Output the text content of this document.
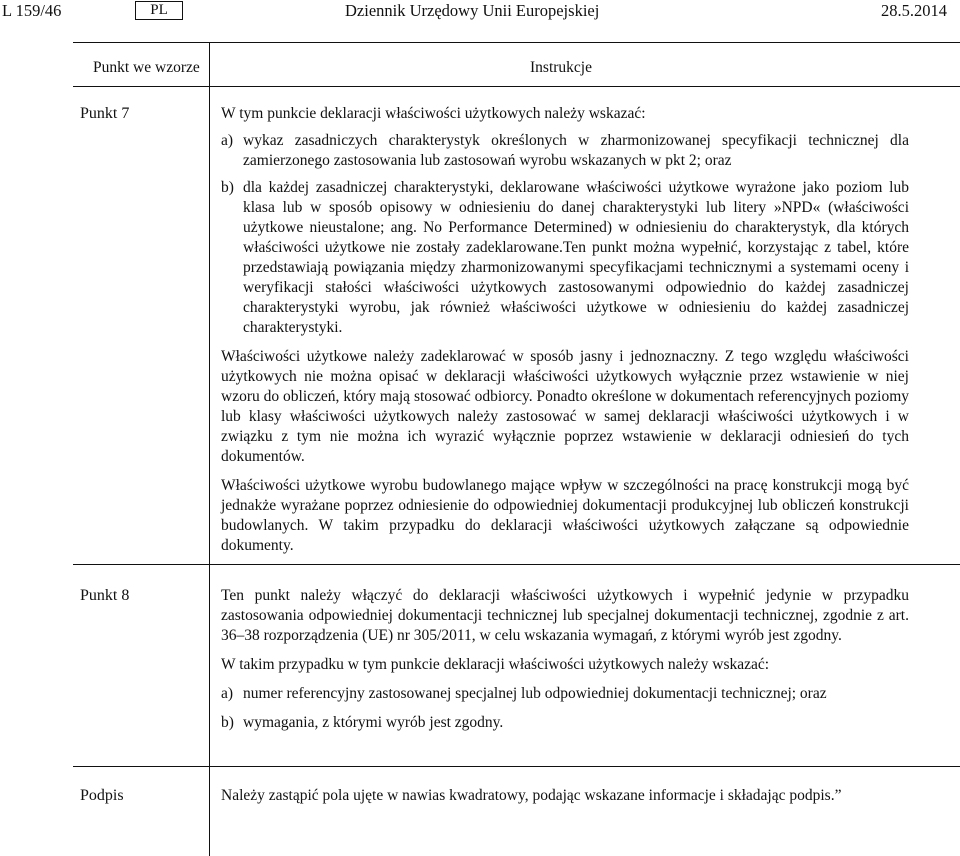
L 159/46	PL	Dziennik Urzędowy Unii Europejskiej	28.5.2014
Punkt we wzorze	Instrukcje
Punkt 7	W tym punkcie deklaracji właściwości użytkowych należy wskazać:

a) wykaz zasadniczych charakterystyk określonych w zharmonizowanej specyfikacji technicznej dla zamierzonego zastosowania lub zastosowań wyrobu wskazanych w pkt 2; oraz
b) dla każdej zasadniczej charakterystyki, deklarowane właściwości użytkowe wyrażone jako poziom lub klasa lub w sposób opisowy w odniesieniu do danej charakterystyki lub litery »NPD« (właściwości użytkowe nieustalone; ang. No Performance Determined) w odniesieniu do charakterystyk, dla których właściwości użytkowe nie zostały zadeklarowane.Ten punkt można wypełnić, korzystając z tabel, które przedstawiają powiązania między zharmonizowanymi specyfikacjami technicznymi a systemami oceny i weryfikacji stałości właściwości użytkowych zastosowanymi odpowiednio do każdej zasadniczej charakterystyki wyrobu, jak również właściwości użytkowe w odniesieniu do każdej zasadniczej charakterystyki.

Właściwości użytkowe należy zadeklarować w sposób jasny i jednoznaczny. Z tego względu właściwości użytkowych nie można opisać w deklaracji właściwości użytkowych wyłącznie przez wstawienie w niej wzoru do obliczeń, który mają stosować odbiorcy. Ponadto określone w dokumentach referencyjnych poziomy lub klasy właściwości użytkowych należy zastosować w samej deklaracji właściwości użytkowych i w związku z tym nie można ich wyrazić wyłącznie poprzez wstawienie w deklaracji odniesień do tych dokumentów.

Właściwości użytkowe wyrobu budowlanego mające wpływ w szczególności na pracę konstrukcji mogą być jednakże wyrażane poprzez odniesienie do odpowiedniej dokumentacji produkcyjnej lub obliczeń konstrukcji budowlanych. W takim przypadku do deklaracji właściwości użytkowych załączane są odpowiednie dokumenty.

Punkt 8	Ten punkt należy włączyć do deklaracji właściwości użytkowych i wypełnić jedynie w przypadku zastosowania odpowiedniej dokumentacji technicznej lub specjalnej dokumentacji technicznej, zgodnie z art. 36–38 rozporządzenia (UE) nr 305/2011, w celu wskazania wymagań, z którymi wyrób jest zgodny.

W takim przypadku w tym punkcie deklaracji właściwości użytkowych należy wskazać:

a) numer referencyjny zastosowanej specjalnej lub odpowiedniej dokumentacji technicznej; oraz
b) wymagania, z którymi wyrób jest zgodny.
Podpis	Należy zastąpić pola ujęte w nawias kwadratowy, podając wskazane informacje i składając podpis.”
